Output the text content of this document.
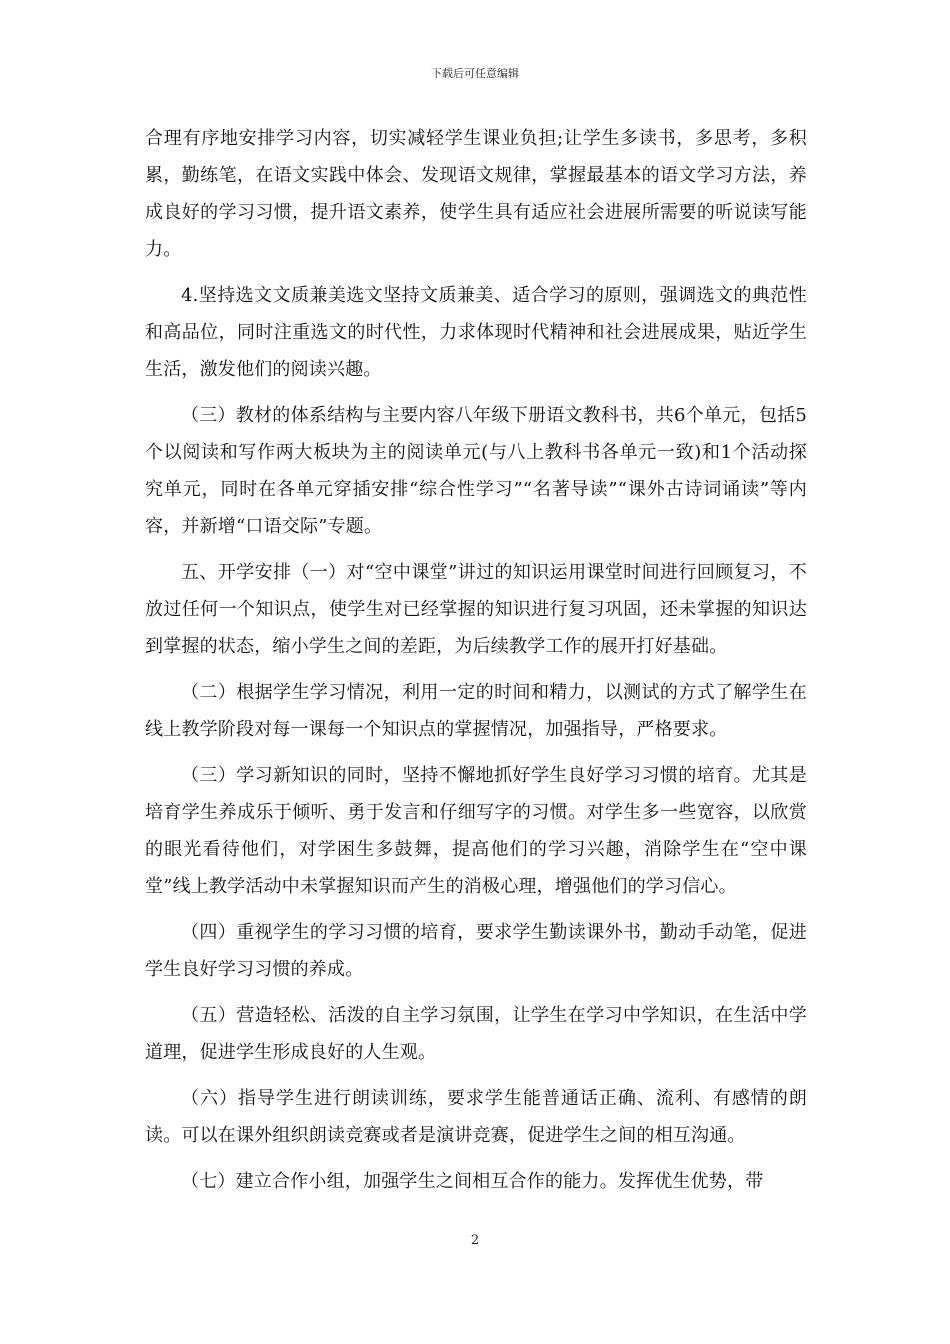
下载后可任意编辑

合理有序地安排学习内容，切实减轻学生课业负担;让学生多读书，多思考，多积累，勤练笔，在语文实践中体会、发现语文规律，掌握最基本的语文学习方法，养成良好的学习习惯，提升语文素养，使学生具有适应社会进展所需要的听说读写能力。

4.坚持选文文质兼美选文坚持文质兼美、适合学习的原则，强调选文的典范性和高品位，同时注重选文的时代性，力求体现时代精神和社会进展成果，贴近学生生活，激发他们的阅读兴趣。

（三）教材的体系结构与主要内容八年级下册语文教科书，共6个单元，包括5个以阅读和写作两大板块为主的阅读单元(与八上教科书各单元一致)和1个活动探究单元，同时在各单元穿插安排“综合性学习”“名著导读”“课外古诗词诵读”等内容，并新增“口语交际”专题。

五、开学安排（一）对“空中课堂”讲过的知识运用课堂时间进行回顾复习，不放过任何一个知识点，使学生对已经掌握的知识进行复习巩固，还未掌握的知识达到掌握的状态，缩小学生之间的差距，为后续教学工作的展开打好基础。

（二）根据学生学习情况，利用一定的时间和精力，以测试的方式了解学生在线上教学阶段对每一课每一个知识点的掌握情况，加强指导，严格要求。

（三）学习新知识的同时，坚持不懈地抓好学生良好学习习惯的培育。尤其是培育学生养成乐于倾听、勇于发言和仔细写字的习惯。对学生多一些宽容，以欣赏的眼光看待他们，对学困生多鼓舞，提高他们的学习兴趣，消除学生在“空中课堂”线上教学活动中未掌握知识而产生的消极心理，增强他们的学习信心。

（四）重视学生的学习习惯的培育，要求学生勤读课外书，勤动手动笔，促进学生良好学习习惯的养成。

（五）营造轻松、活泼的自主学习氛围，让学生在学习中学知识，在生活中学道理，促进学生形成良好的人生观。

（六）指导学生进行朗读训练，要求学生能普通话正确、流利、有感情的朗读。可以在课外组织朗读竞赛或者是演讲竞赛，促进学生之间的相互沟通。

（七）建立合作小组，加强学生之间相互合作的能力。发挥优生优势，带

2
